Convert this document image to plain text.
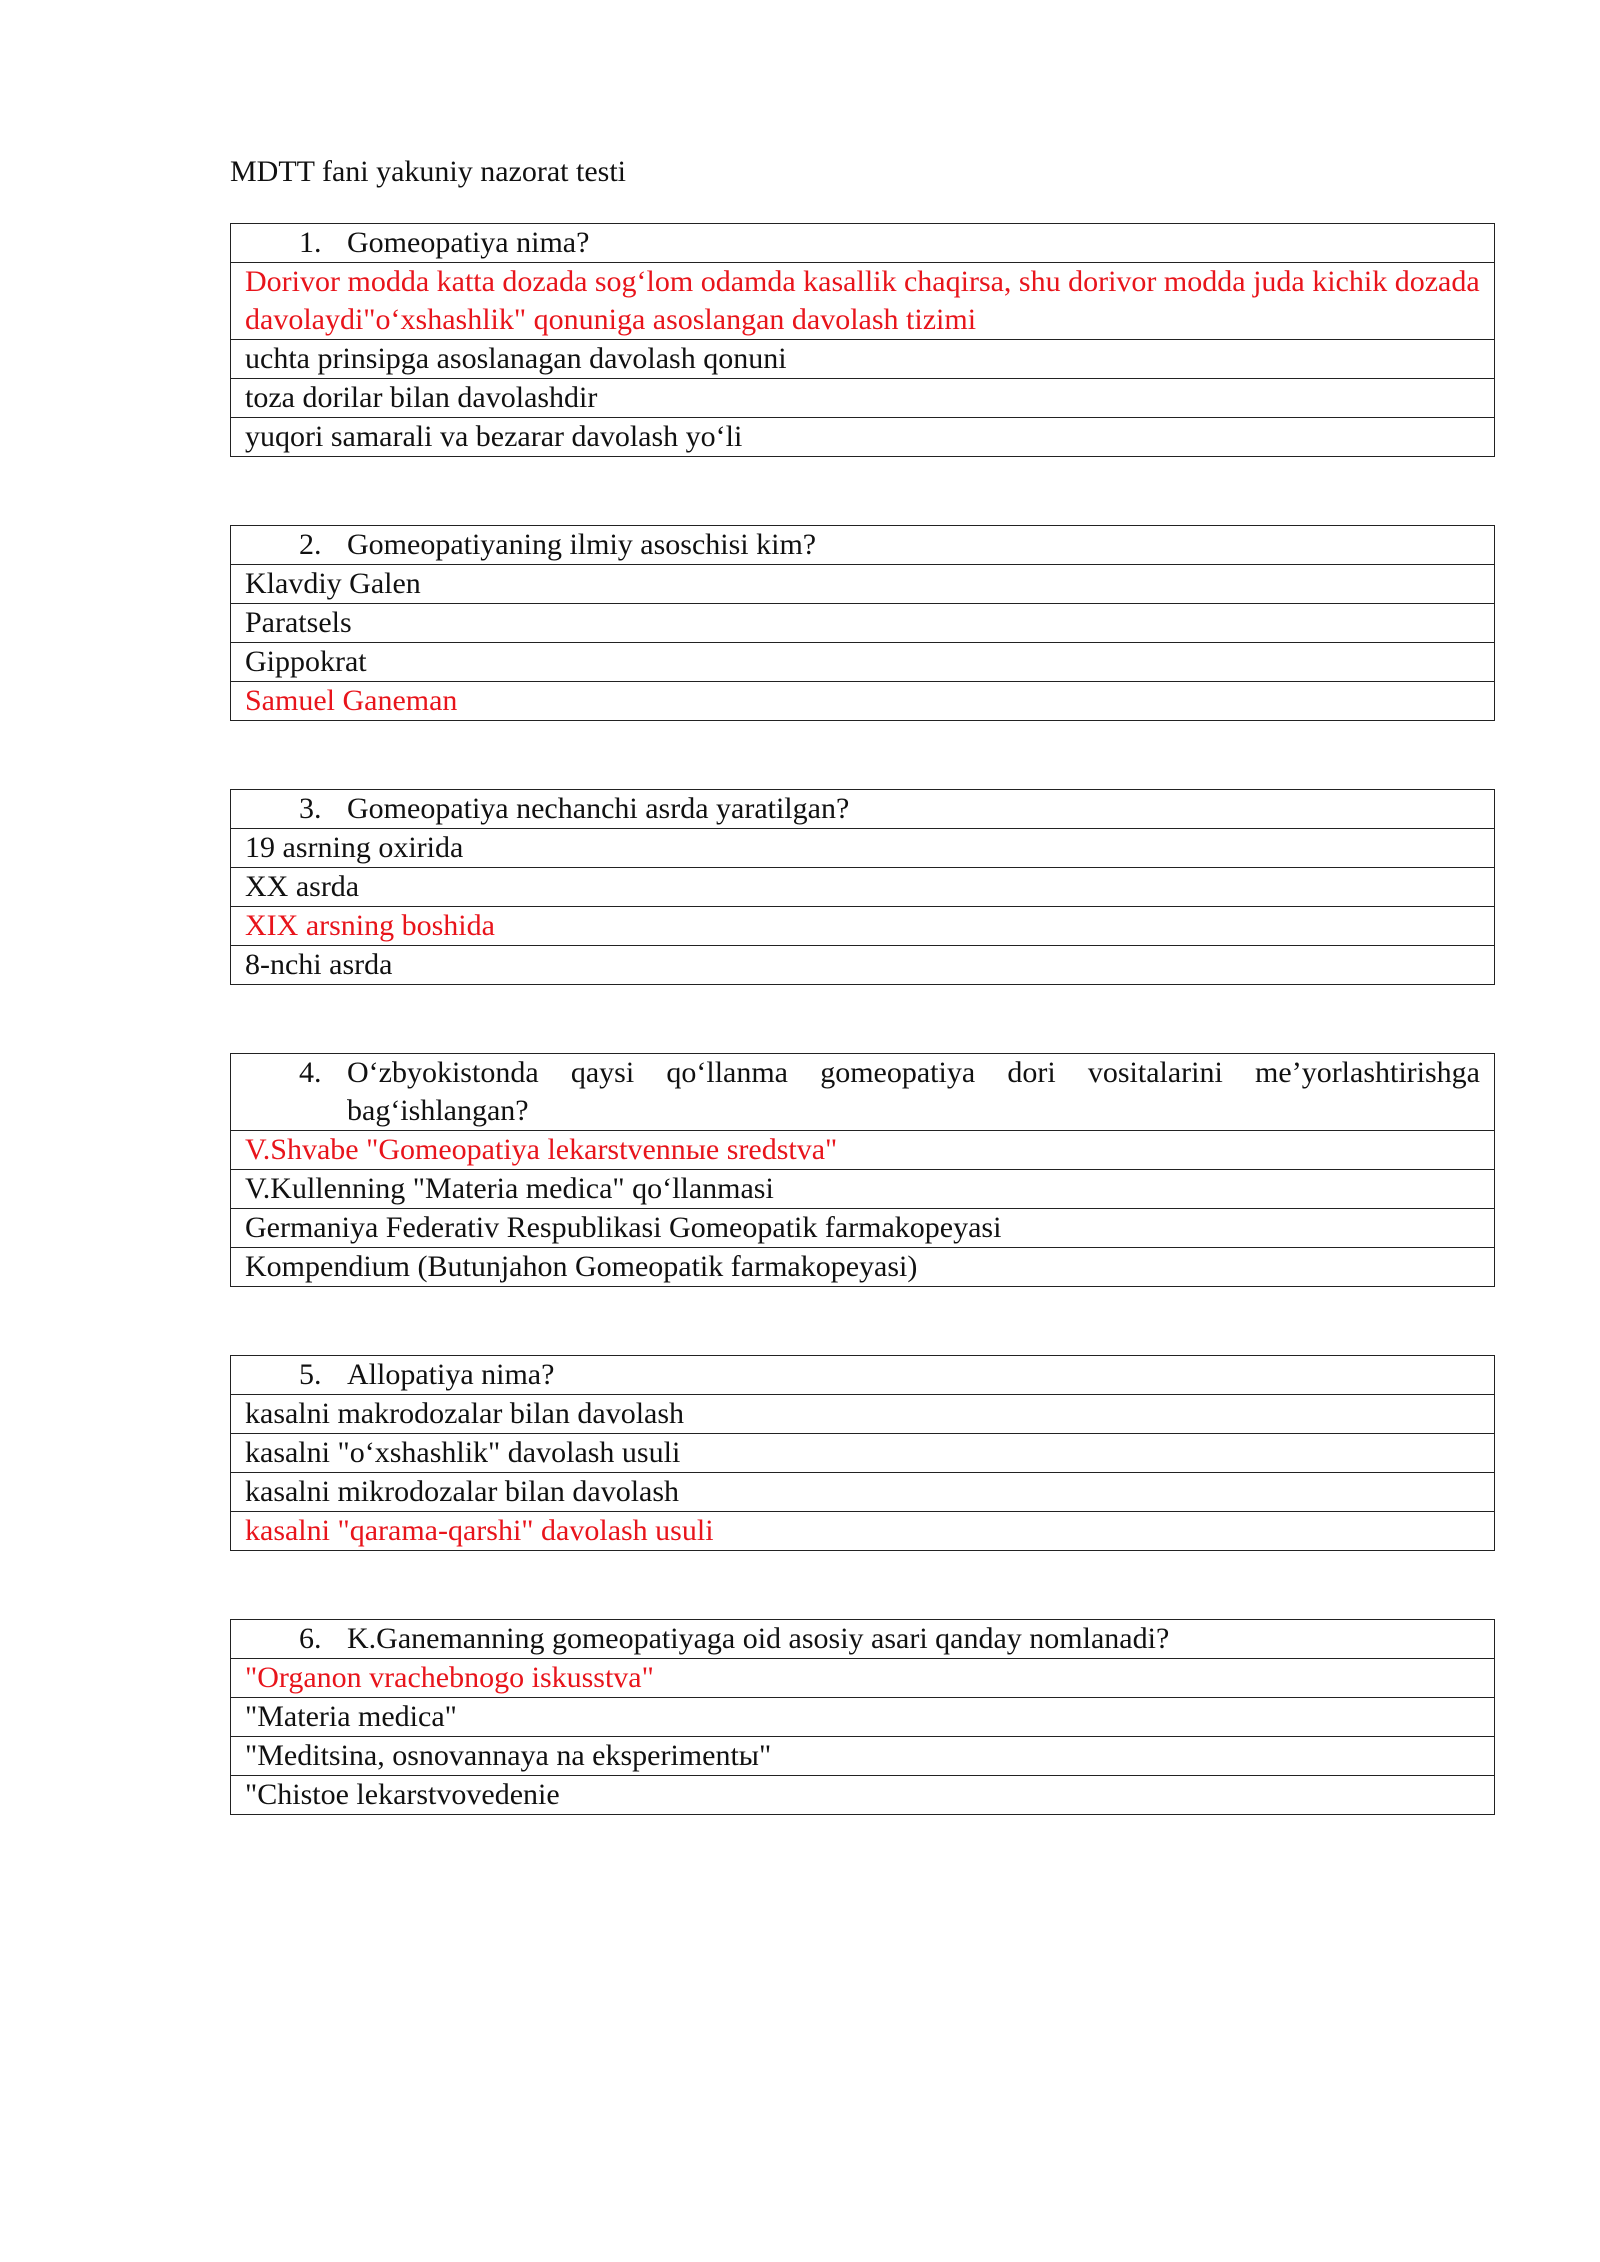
MDTT fani yakuniy nazorat testi
1. Gomeopatiya nima?

Dorivor modda katta dozada sog‘lom odamda kasallik chaqirsa, shu dorivor modda juda kichik dozada davolaydi"o‘xshashlik" qonuniga asoslangan davolash tizimi
uchta prinsipga asoslanagan davolash qonuni
toza dorilar bilan davolashdir
yuqori samarali va bezarar davolash yo‘li
2. Gomeopatiyaning ilmiy asoschisi kim?

Klavdiy Galen
Paratsels
Gippokrat
Samuel Ganeman
3. Gomeopatiya nechanchi asrda yaratilgan?

19 asrning oxirida
XX asrda
XIX arsning boshida
8-nchi asrda
4. O‘zbyokistonda qaysi qo‘llanma gomeopatiya dori vositalarini me’yorlashtirishga bag‘ishlangan?

V.Shvabe "Gomeopatiya lekarstvennыe sredstva"
V.Kullenning "Materia medica" qo‘llanmasi
Germaniya Federativ Respublikasi Gomeopatik farmakopeyasi
Kompendium (Butunjahon Gomeopatik farmakopeyasi)
5. Allopatiya nima?

kasalni makrodozalar bilan davolash
kasalni "o‘xshashlik" davolash usuli
kasalni mikrodozalar bilan davolash
kasalni "qarama-qarshi" davolash usuli
6. K.Ganemanning gomeopatiyaga oid asosiy asari qanday nomlanadi?

"Organon vrachebnogo iskusstva"
"Materia medica"
"Meditsina, osnovannaya na eksperimentы"
"Chistoe lekarstvovedenie
